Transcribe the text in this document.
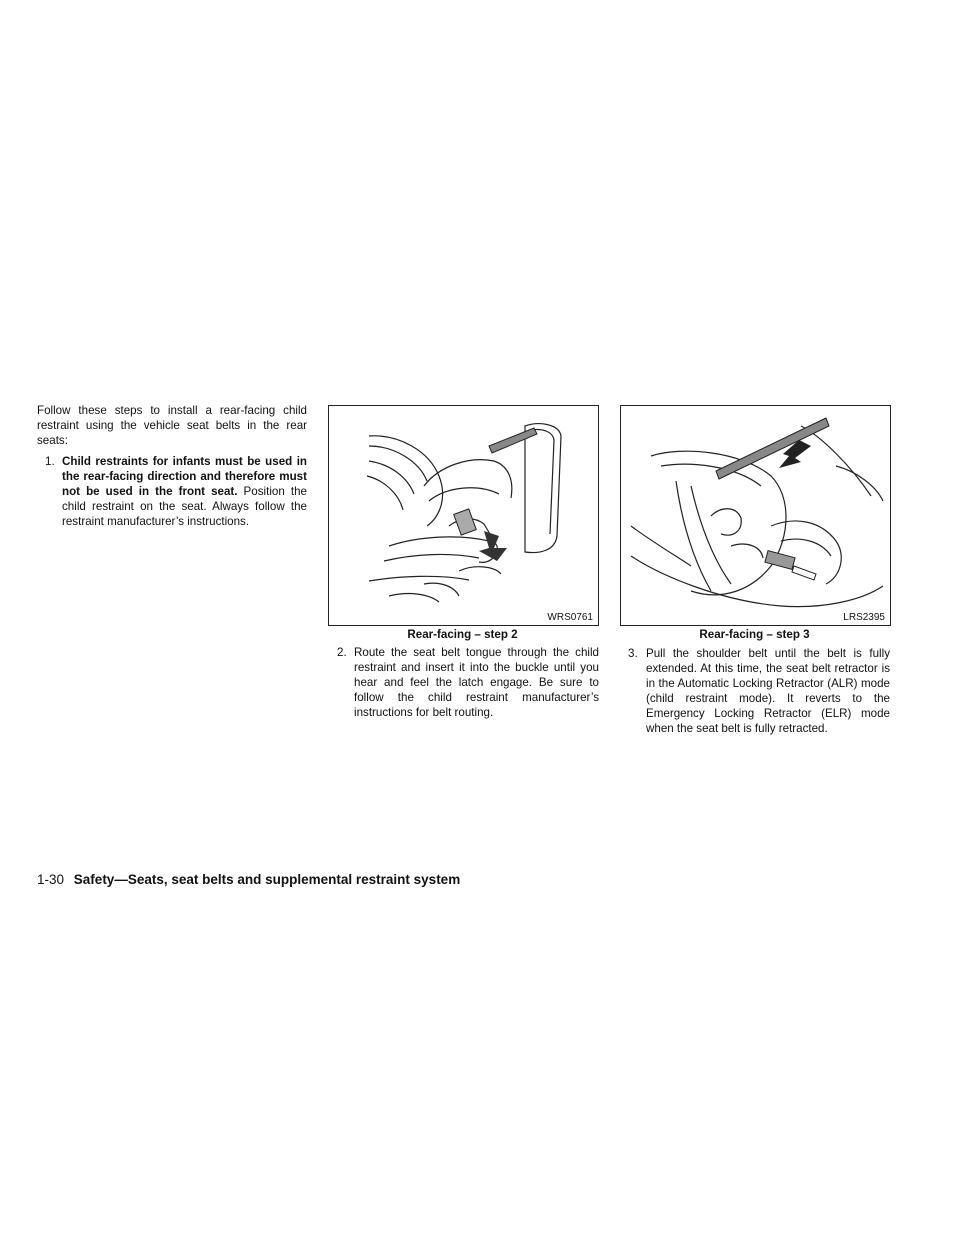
Follow these steps to install a rear-facing child restraint using the vehicle seat belts in the rear seats:
1. Child restraints for infants must be used in the rear-facing direction and therefore must not be used in the front seat. Position the child restraint on the seat. Always follow the restraint manufacturer’s instructions.
WRS0761
Rear-facing – step 2
2. Route the seat belt tongue through the child restraint and insert it into the buckle until you hear and feel the latch engage. Be sure to follow the child restraint manufacturer’s instructions for belt routing.
LRS2395
Rear-facing – step 3
3. Pull the shoulder belt until the belt is fully extended. At this time, the seat belt retractor is in the Automatic Locking Retractor (ALR) mode (child restraint mode). It reverts to the Emergency Locking Retractor (ELR) mode when the seat belt is fully retracted.
1-30 Safety—Seats, seat belts and supplemental restraint system
